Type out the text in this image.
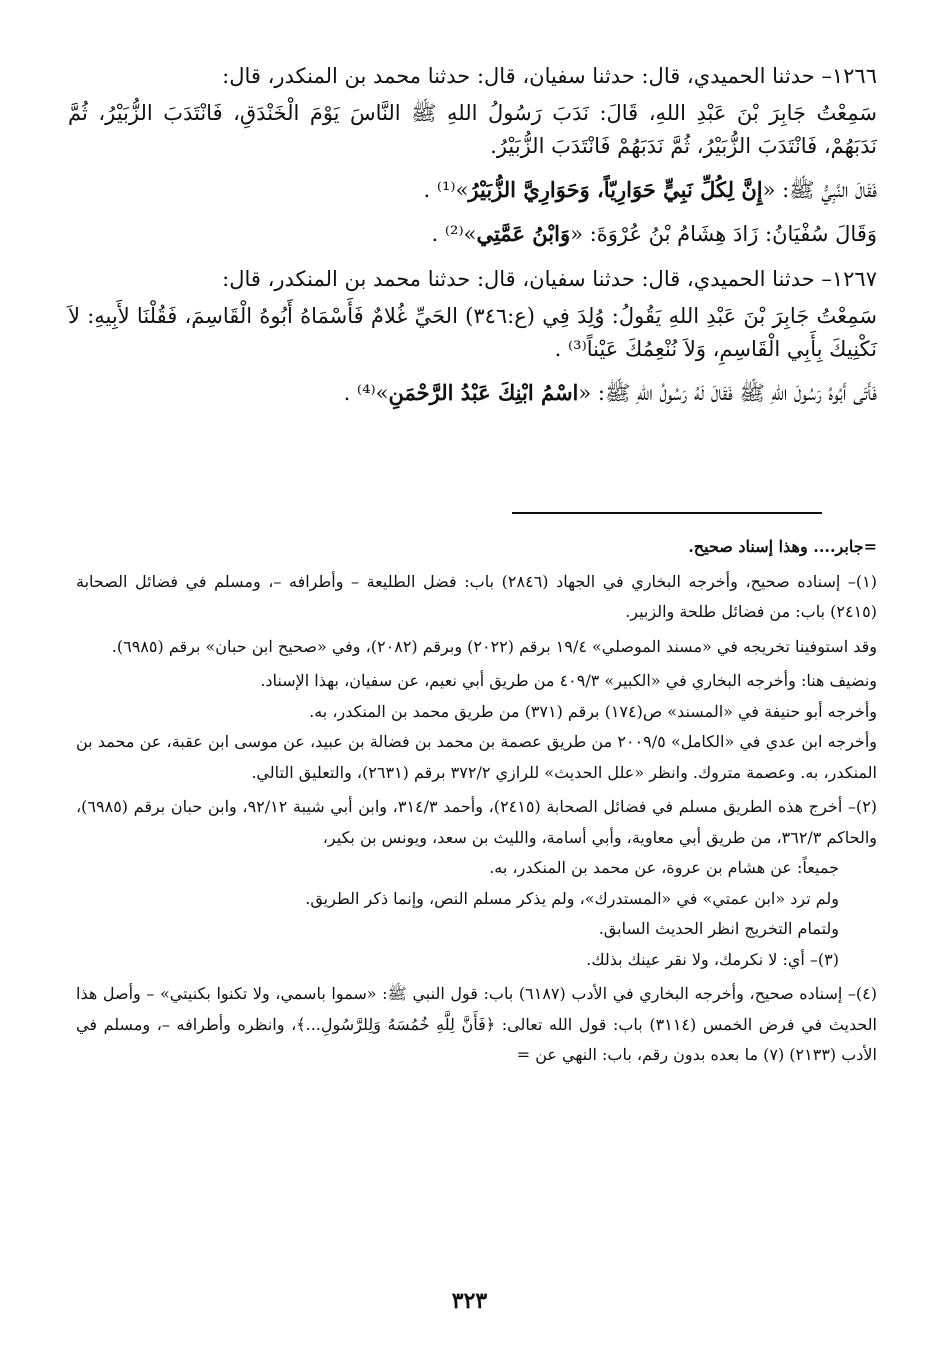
١٢٦٦– حدثنا الحميدي، قال: حدثنا سفيان، قال: حدثنا محمد بن المنكدر، قال:

سَمِعْتُ جَابِرَ بْنَ عَبْدِ اللهِ، قَالَ: نَدَبَ رَسُولُ اللهِ ﷺ النَّاسَ يَوْمَ الْخَنْدَقِ، فَانْتَدَبَ الزُّبَيْرُ، ثُمَّ نَدَبَهُمْ، فَانْتَدَبَ الزُّبَيْرُ، ثُمَّ نَدَبَهُمْ فَانْتَدَبَ الزُّبَيْرُ.

فَقَالَ النَّبِيُّ ﷺ: «إِنَّ لِكُلِّ نَبِيٍّ حَوَارِيّاً، وَحَوَارِيَّ الزُّبَيْرُ»⁽¹⁾ .

وَقَالَ سُفْيَانُ: زَادَ هِشَامُ بْنُ عُرْوَةَ: «وَابْنُ عَمَّتِي»⁽²⁾ .

١٢٦٧– حدثنا الحميدي، قال: حدثنا سفيان، قال: حدثنا محمد بن المنكدر، قال:

سَمِعْتُ جَابِرَ بْنَ عَبْدِ اللهِ يَقُولُ: وُلِدَ فِي (ع:٣٤٦) الحَيِّ غُلامٌ فَأَسْمَاهُ أَبُوهُ الْقَاسِمَ، فَقُلْنَا لأَبِيهِ: لاَ نَكْنِيكَ بِأَبِي الْقَاسِمِ، وَلاَ نُنْعِمُكَ عَيْناً⁽³⁾ .

فَأَتَى أَبُوهُ رَسُولَ اللهِ ﷺ فَقَالَ لَهُ رَسُولُ اللهِ ﷺ: «اسْمُ ابْنِكَ عَبْدُ الرَّحْمَنِ»⁽⁴⁾ .

=جابر.... وهذا إسناد صحيح.

(١)– إسناده صحيح، وأخرجه البخاري في الجهاد (٢٨٤٦) باب: فضل الطليعة – وأطرافه –، ومسلم في فضائل الصحابة (٢٤١٥) باب: من فضائل طلحة والزبير.

وقد استوفينا تخريجه في «مسند الموصلي» ١٩/٤ برقم (٢٠٢٢) وبرقم (٢٠٨٢)، وفي «صحيح ابن حبان» برقم (٦٩٨٥).

ونضيف هنا: وأخرجه البخاري في «الكبير» ٤٠٩/٣ من طريق أبي نعيم، عن سفيان، بهذا الإسناد.

وأخرجه أبو حنيفة في «المسند» ص(١٧٤) برقم (٣٧١) من طريق محمد بن المنكدر، به.

وأخرجه ابن عدي في «الكامل» ٢٠٠٩/٥ من طريق عصمة بن محمد بن فضالة بن عبيد، عن موسى ابن عقبة، عن محمد بن المنكدر، به. وعصمة متروك. وانظر «علل الحديث» للرازي ٣٧٢/٢ برقم (٢٦٣١)، والتعليق التالي.

(٢)– أخرج هذه الطريق مسلم في فضائل الصحابة (٢٤١٥)، وأحمد ٣١٤/٣، وابن أبي شيبة ٩٢/١٢، وابن حبان برقم (٦٩٨٥)، والحاكم ٣٦٢/٣، من طريق أبي معاوية، وأبي أسامة، والليث بن سعد، ويونس بن بكير،

جميعاً: عن هشام بن عروة، عن محمد بن المنكدر، به.

ولم ترد «ابن عمتي» في «المستدرك»، ولم يذكر مسلم النص، وإنما ذكر الطريق.

ولتمام التخريج انظر الحديث السابق.

(٣)– أي: لا نكرمك، ولا نقر عينك بذلك.

(٤)– إسناده صحيح، وأخرجه البخاري في الأدب (٦١٨٧) باب: قول النبي ﷺ: «سموا باسمي، ولا تكنوا بكنيتي» – وأصل هذا الحديث في فرض الخمس (٣١١٤) باب: قول الله تعالى: ﴿فَأَنَّ لِلَّهِ خُمُسَهُ وَلِلرَّسُولِ...﴾، وانظره وأطرافه –، ومسلم في الأدب (٢١٣٣) (٧) ما بعده بدون رقم، باب: النهي عن =

٣٢٣
